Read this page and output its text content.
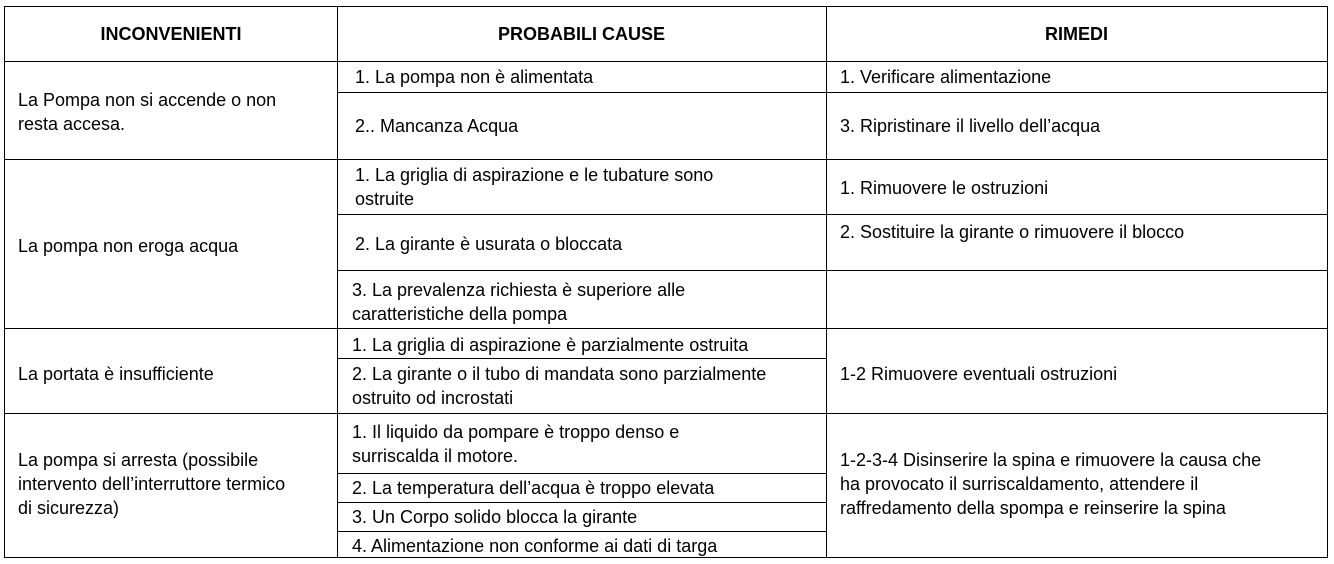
INCONVENIENTI	PROBABILI CAUSE	RIMEDI
La Pompa non si accende o non
resta accesa.
1. La pompa non è alimentata
2.. Mancanza Acqua
1. Verificare alimentazione
3. Ripristinare il livello dell’acqua
La pompa non eroga acqua
1. La griglia di aspirazione e le tubature sono
ostruite
2. La girante è usurata o bloccata
3. La prevalenza richiesta è superiore alle
caratteristiche della pompa
1. Rimuovere le ostruzioni
2. Sostituire la girante o rimuovere il blocco
La portata è insufficiente
1. La griglia di aspirazione è parzialmente ostruita
2. La girante o il tubo di mandata sono parzialmente
ostruito od incrostati
1-2 Rimuovere eventuali ostruzioni
La pompa si arresta (possibile
intervento dell’interruttore termico
di sicurezza)
1. Il liquido da pompare è troppo denso e
surriscalda il motore.
2. La temperatura dell’acqua è troppo elevata
3. Un Corpo solido blocca la girante
4. Alimentazione non conforme ai dati di targa
1-2-3-4 Disinserire la spina e rimuovere la causa che
ha provocato il surriscaldamento, attendere il
raffredamento della spompa e reinserire la spina
